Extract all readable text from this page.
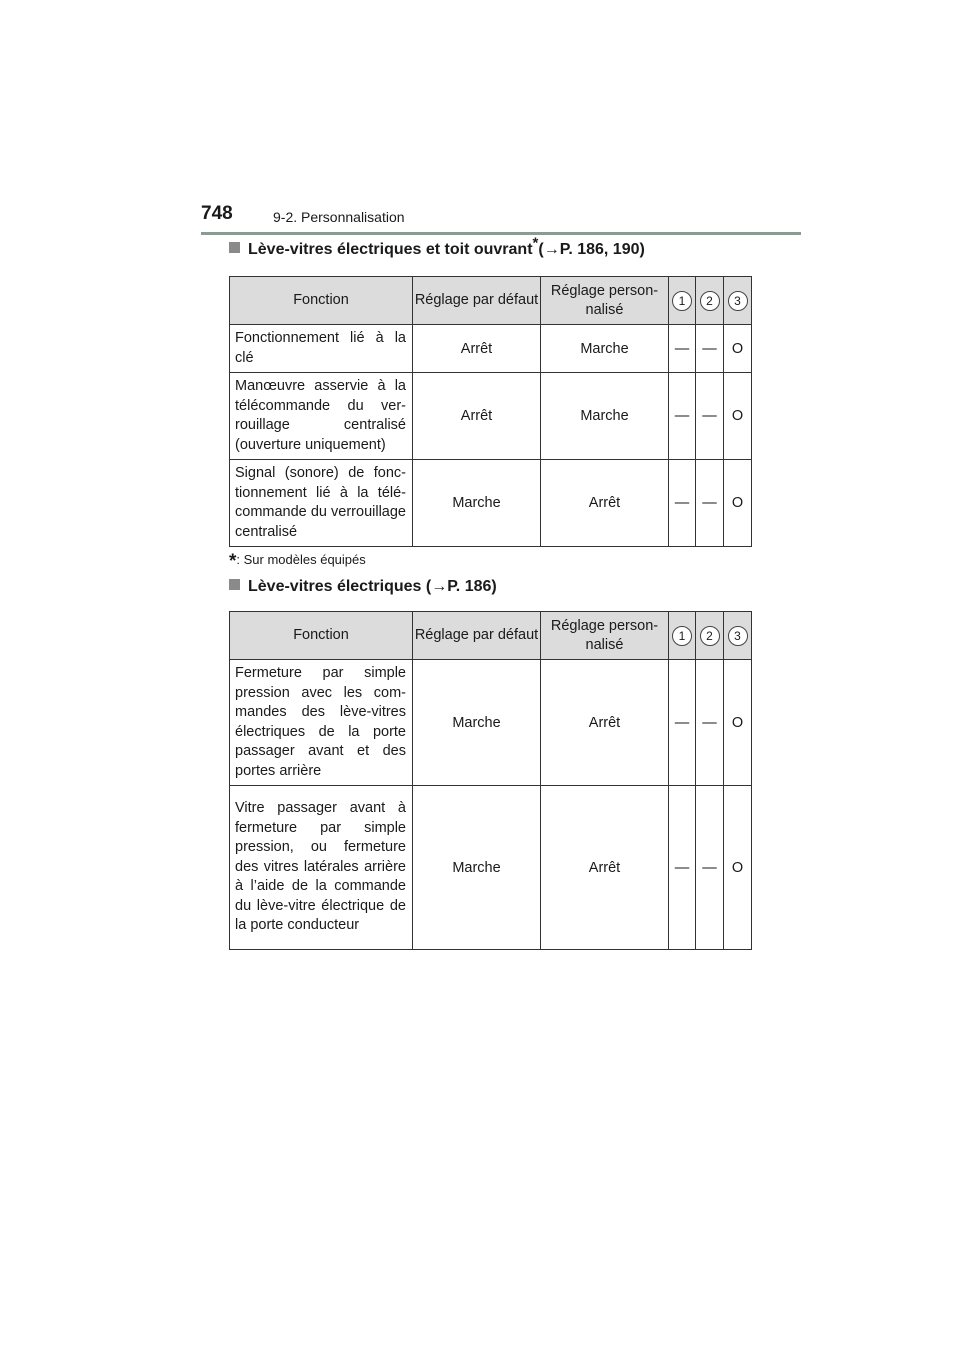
748	9-2. Personnalisation
Lève-vitres électriques et toit ouvrant*(→P. 186, 190)
Fonction	Réglage par défaut	Réglage person- nalisé	1	2	3
Fonctionnement lié à la clé	Arrêt	Marche	—	—	O
Manœuvre asservie à la télécommande du ver- rouillage centralisé (ouverture uniquement)	Arrêt	Marche	—	—	O
Signal (sonore) de fonc- tionnement lié à la télé- commande du verrouillage centralisé	Marche	Arrêt	—	—	O
*: Sur modèles équipés
Lève-vitres électriques (→P. 186)
Fonction	Réglage par défaut	Réglage person- nalisé	1	2	3
Fermeture par simple pression avec les com- mandes des lève-vitres électriques de la porte passager avant et des portes arrière	Marche	Arrêt	—	—	O
Vitre passager avant à fermeture par simple pression, ou fermeture des vitres latérales arrière à l’aide de la commande du lève-vitre électrique de la porte conducteur	Marche	Arrêt	—	—	O
